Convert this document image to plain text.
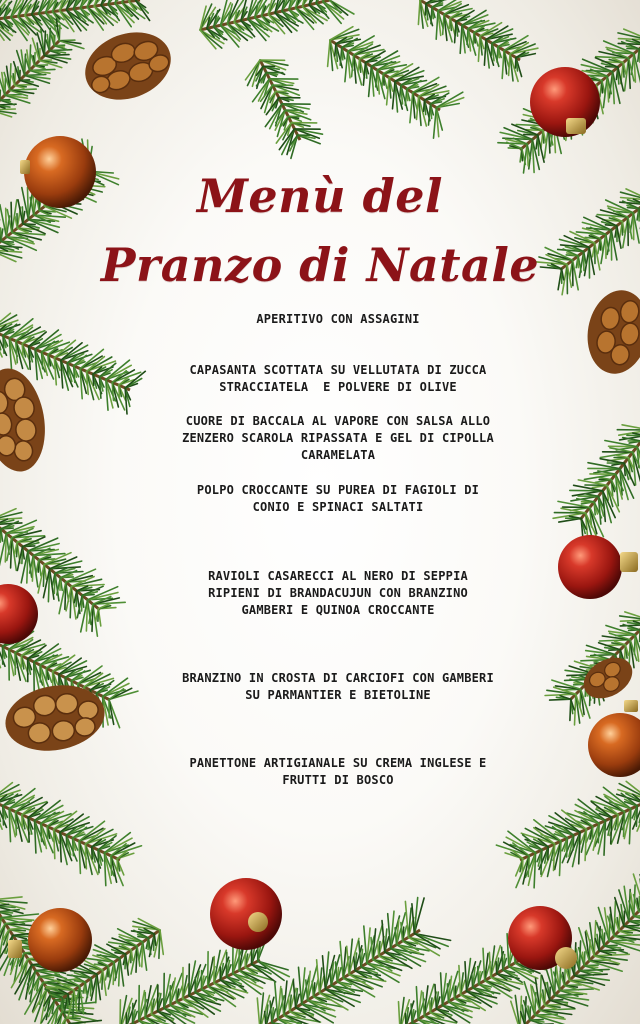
Menù del
Pranzo di Natale
APERITIVO CON ASSAGINI
CAPASANTA SCOTTATA SU VELLUTATA DI ZUCCA
STRACCIATELA  E POLVERE DI OLIVE
CUORE DI BACCALA AL VAPORE CON SALSA ALLO
ZENZERO SCAROLA RIPASSATA E GEL DI CIPOLLA
CARAMELATA
POLPO CROCCANTE SU PUREA DI FAGIOLI DI
CONIO E SPINACI SALTATI
RAVIOLI CASARECCI AL NERO DI SEPPIA
RIPIENI DI BRANDACUJUN CON BRANZINO
GAMBERI E QUINOA CROCCANTE
BRANZINO IN CROSTA DI CARCIOFI CON GAMBERI
SU PARMANTIER E BIETOLINE
PANETTONE ARTIGIANALE SU CREMA INGLESE E
FRUTTI DI BOSCO
